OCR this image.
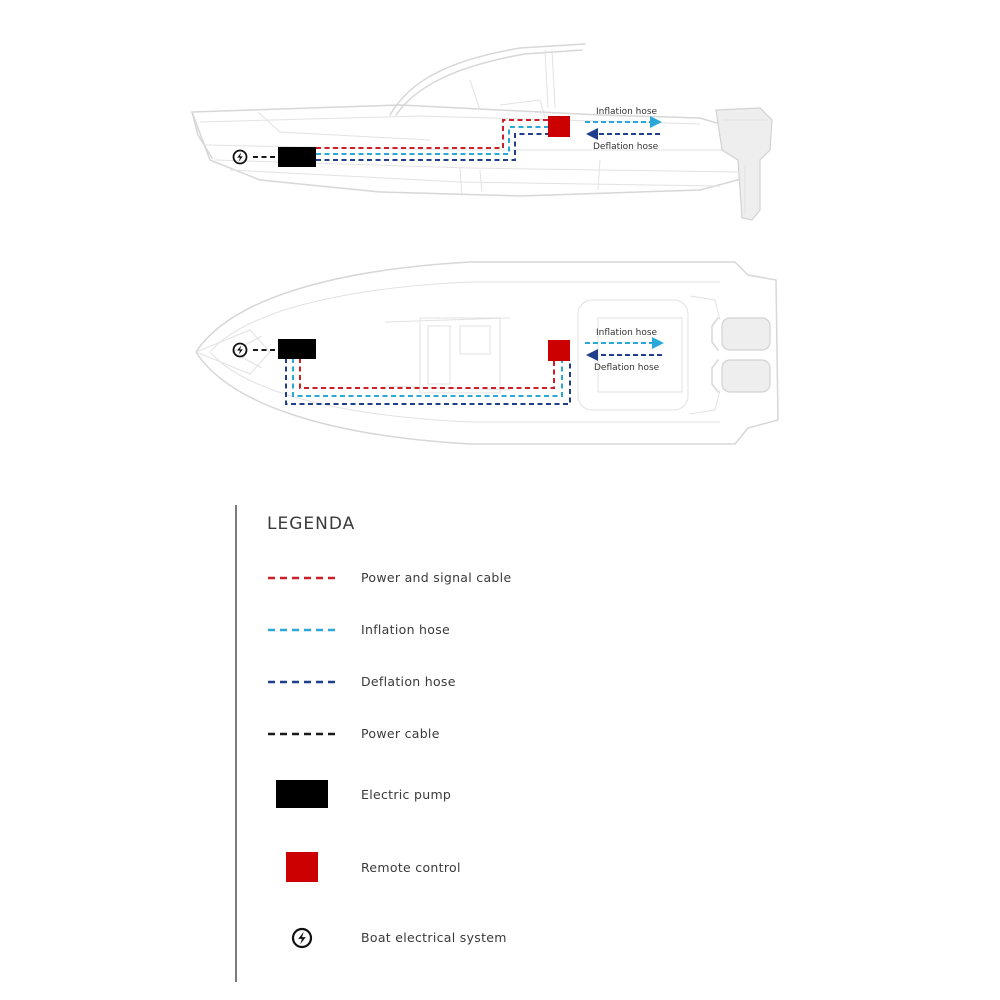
Inflation hose
Deflation hose
Inflation hose
Deflation hose
LEGENDA
Power and signal cable
Inflation hose
Deflation hose
Power cable
Electric pump
Remote control
Boat electrical system
